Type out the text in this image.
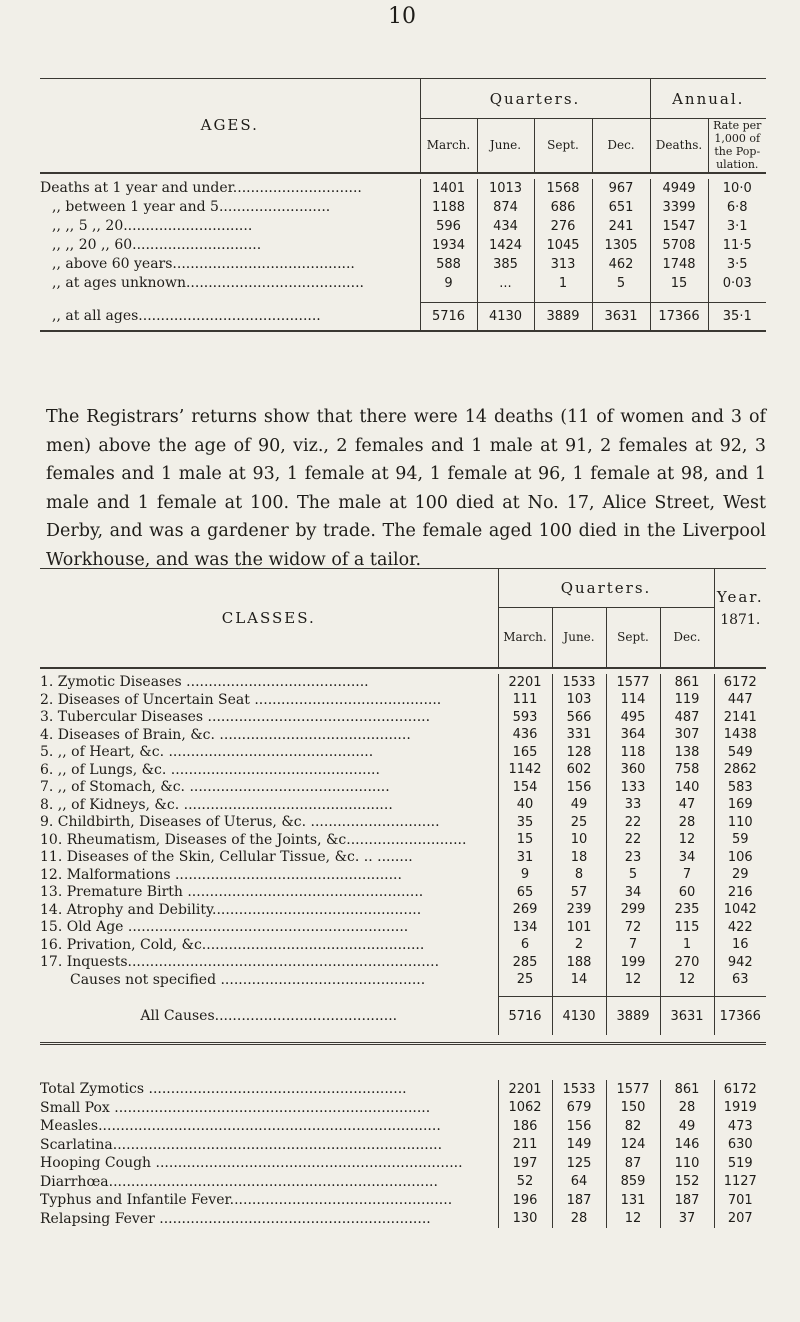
10
AGES.	Quarters.				Annual.	
	March.	June.	Sept.	Dec.	Deaths.	Rate per 1,000 of the Pop- ulation.

Deaths at 1 year and under.............................	1401	1013	1568	967	4949	10·0
,, between 1 year and 5.........................	1188	874	686	651	3399	6·8
,, ,, 5 ,, 20.............................	596	434	276	241	1547	3·1
,, ,, 20 ,, 60.............................	1934	1424	1045	1305	5708	11·5
,, above 60 years.........................................	588	385	313	462	1748	3·5
,, at ages unknown........................................	9	...	1	5	15	0·03

,, at all ages.........................................	5716	4130	3889	3631	17366	35·1

The Registrars’ returns show that there were 14 deaths (11 of women and 3 of men) above the age of 90, viz., 2 females and 1 male at 91, 2 females at 92, 3 females and 1 male at 93, 1 female at 94, 1 female at 96, 1 female at 98, and 1 male and 1 female at 100. The male at 100 died at No. 17, Alice Street, West Derby, and was a gardener by trade. The female aged 100 died in the Liverpool Workhouse, and was the widow of a tailor.

CLASSES.	Quarters.				Year.
	March.	June.	Sept.	Dec.	1871.

1. Zymotic Diseases .........................................	2201	1533	1577	861	6172
2. Diseases of Uncertain Seat ..........................................	111	103	114	119	447
3. Tubercular Diseases ..................................................	593	566	495	487	2141
4. Diseases of Brain, &c. ...........................................	436	331	364	307	1438
5. ,, of Heart, &c. ..............................................	165	128	118	138	549
6. ,, of Lungs, &c. ...............................................	1142	602	360	758	2862
7. ,, of Stomach, &c. .............................................	154	156	133	140	583
8. ,, of Kidneys, &c. ...............................................	40	49	33	47	169
9. Childbirth, Diseases of Uterus, &c. .............................	35	25	22	28	110
10. Rheumatism, Diseases of the Joints, &c...........................	15	10	22	12	59
11. Diseases of the Skin, Cellular Tissue, &c. .. ........	31	18	23	34	106
12. Malformations ...................................................	9	8	5	7	29
13. Premature Birth .....................................................	65	57	34	60	216
14. Atrophy and Debility...............................................	269	239	299	235	1042
15. Old Age ...............................................................	134	101	72	115	422
16. Privation, Cold, &c..................................................	6	2	7	1	16
17. Inquests......................................................................	285	188	199	270	942
Causes not specified ..............................................	25	14	12	12	63

All Causes.........................................	5716	4130	3889	3631	17366

Total Zymotics ..........................................................	2201	1533	1577	861	6172
Small Pox .......................................................................	1062	679	150	28	1919
Measles.............................................................................	186	156	82	49	473
Scarlatina..........................................................................	211	149	124	146	630
Hooping Cough .....................................................................	197	125	87	110	519
Diarrhœa..........................................................................	52	64	859	152	1127
Typhus and Infantile Fever..................................................	196	187	131	187	701
Relapsing Fever .............................................................	130	28	12	37	207
